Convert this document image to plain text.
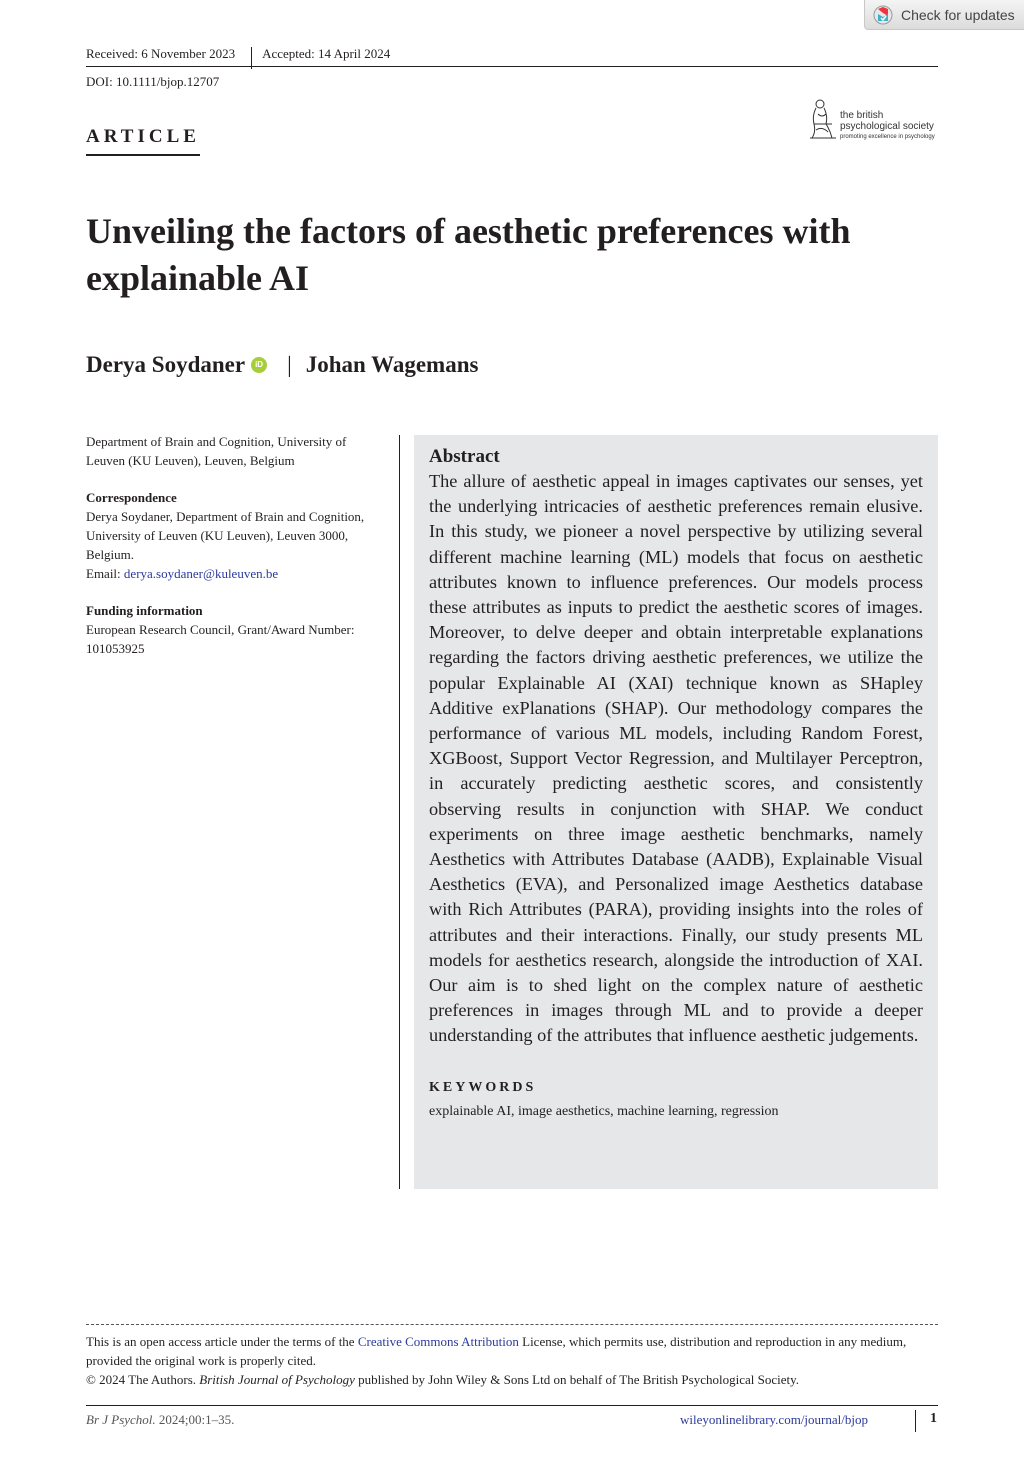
Check for updates
Received: 6 November 2023 Accepted: 14 April 2024
DOI: 10.1111/bjop.12707
ARTICLE
the british
psychological society
promoting excellence in psychology
Unveiling the factors of aesthetic preferences with explainable AI
Derya Soydaner	iD | Johan Wagemans

Department of Brain and Cognition, University of Leuven (KU Leuven), Leuven, Belgium

Correspondence
Derya Soydaner, Department of Brain and Cognition, University of Leuven (KU Leuven), Leuven 3000, Belgium.
Email: derya.soydaner@kuleuven.be

Funding information
European Research Council, Grant/Award Number: 101053925

Abstract

The allure of aesthetic appeal in images captivates our senses, yet the underlying intricacies of aesthetic preferences remain elusive. In this study, we pioneer a novel perspective by utilizing several different machine learning (ML) models that focus on aesthetic attributes known to influence preferences. Our models process these attributes as inputs to predict the aesthetic scores of images. Moreover, to delve deeper and obtain interpretable explanations regarding the factors driving aesthetic preferences, we utilize the popular Explainable AI (XAI) technique known as SHapley Additive exPlanations (SHAP). Our methodology compares the performance of various ML models, including Random Forest, XGBoost, Support Vector Regression, and Multilayer Perceptron, in accurately predicting aesthetic scores, and consistently observing results in conjunction with SHAP. We conduct experiments on three image aesthetic benchmarks, namely Aesthetics with Attributes Database (AADB), Explainable Visual Aesthetics (EVA), and Personalized image Aesthetics database with Rich Attributes (PARA), providing insights into the roles of attributes and their interactions. Finally, our study presents ML models for aesthetics research, alongside the introduction of XAI. Our aim is to shed light on the complex nature of aesthetic preferences in images through ML and to provide a deeper understanding of the attributes that influence aesthetic judgements.

KEYWORDS
explainable AI, image aesthetics, machine learning, regression
This is an open access article under the terms of the Creative Commons Attribution License, which permits use, distribution and reproduction in any medium, provided the original work is properly cited.
© 2024 The Authors. British Journal of Psychology published by John Wiley & Sons Ltd on behalf of The British Psychological Society.
Br J Psychol. 2024;00:1–35.	wileyonlinelibrary.com/journal/bjop	1
